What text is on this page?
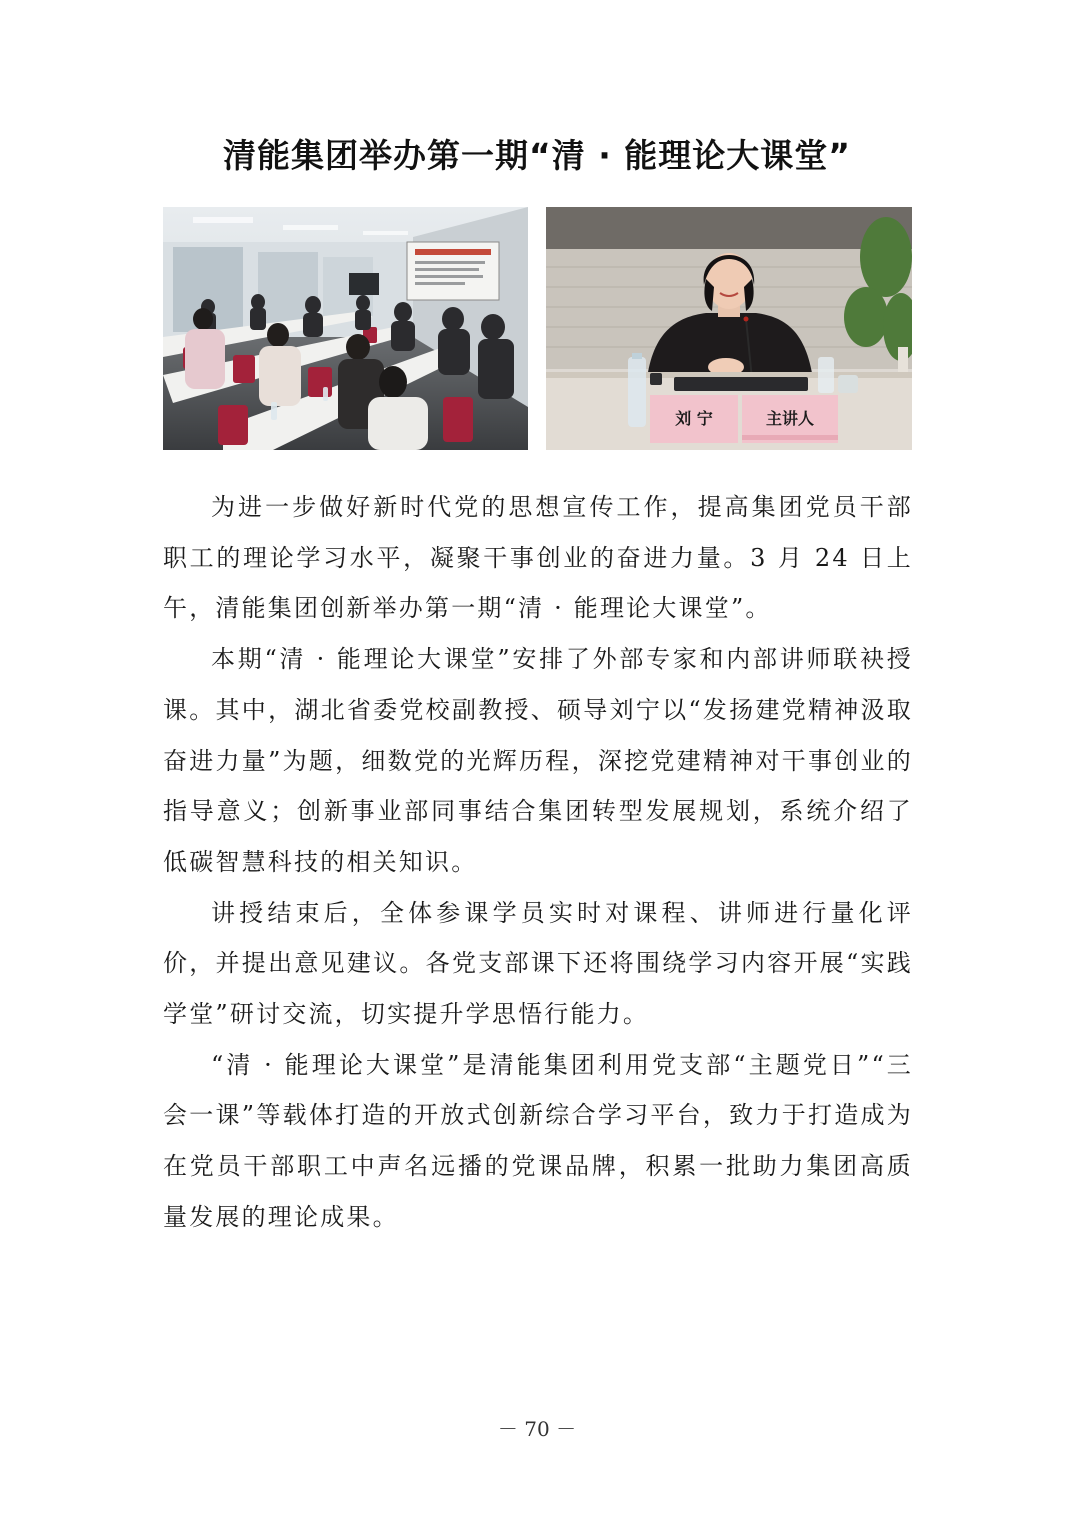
清能集团举办第一期“清 · 能理论大课堂”
刘 宁	主讲人

为进一步做好新时代党的思想宣传工作，提高集团党员干部职工的理论学习水平，凝聚干事创业的奋进力量。3 月 24 日上午，清能集团创新举办第一期“清 · 能理论大课堂”。

本期“清 · 能理论大课堂”安排了外部专家和内部讲师联袂授课。其中，湖北省委党校副教授、硕导刘宁以“发扬建党精神汲取奋进力量”为题，细数党的光辉历程，深挖党建精神对干事创业的指导意义；创新事业部同事结合集团转型发展规划，系统介绍了低碳智慧科技的相关知识。

讲授结束后，全体参课学员实时对课程、讲师进行量化评价，并提出意见建议。各党支部课下还将围绕学习内容开展“实践学堂”研讨交流，切实提升学思悟行能力。

“清 · 能理论大课堂”是清能集团利用党支部“主题党日”“三会一课”等载体打造的开放式创新综合学习平台，致力于打造成为在党员干部职工中声名远播的党课品牌，积累一批助力集团高质量发展的理论成果。

－ 70 －
